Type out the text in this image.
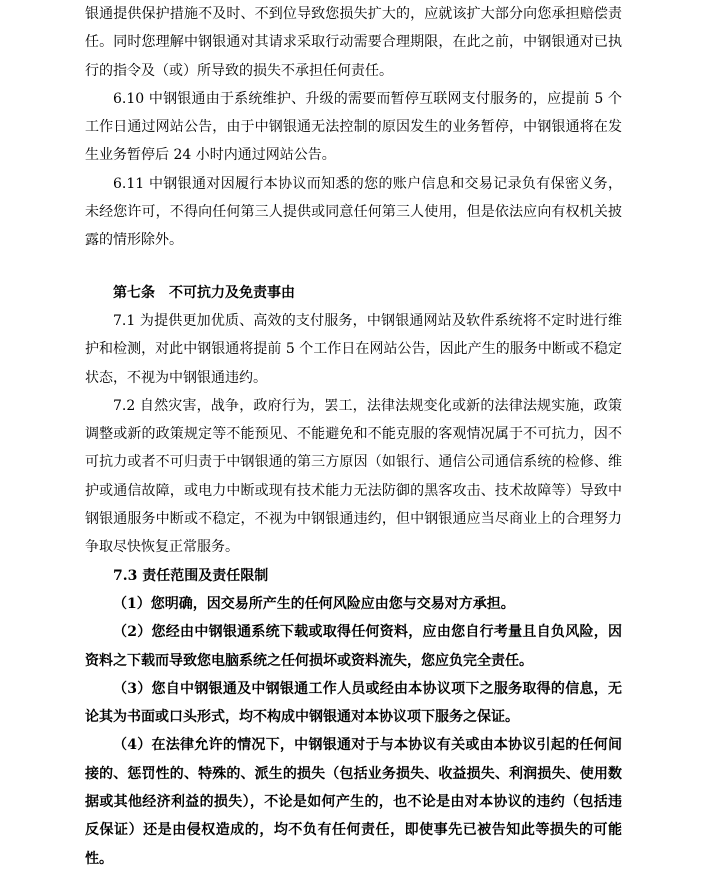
银通提供保护措施不及时、不到位导致您损失扩大的，应就该扩大部分向您承担赔偿责任。同时您理解中钢银通对其请求采取行动需要合理期限，在此之前，中钢银通对已执行的指令及（或）所导致的损失不承担任何责任。

6.10 中钢银通由于系统维护、升级的需要而暂停互联网支付服务的，应提前 5 个工作日通过网站公告，由于中钢银通无法控制的原因发生的业务暂停，中钢银通将在发生业务暂停后 24 小时内通过网站公告。

6.11 中钢银通对因履行本协议而知悉的您的账户信息和交易记录负有保密义务，未经您许可，不得向任何第三人提供或同意任何第三人使用，但是依法应向有权机关披露的情形除外。

第七条　不可抗力及免责事由

7.1 为提供更加优质、高效的支付服务，中钢银通网站及软件系统将不定时进行维护和检测，对此中钢银通将提前 5 个工作日在网站公告，因此产生的服务中断或不稳定状态，不视为中钢银通违约。

7.2 自然灾害，战争，政府行为，罢工，法律法规变化或新的法律法规实施，政策调整或新的政策规定等不能预见、不能避免和不能克服的客观情况属于不可抗力，因不可抗力或者不可归责于中钢银通的第三方原因（如银行、通信公司通信系统的检修、维护或通信故障，或电力中断或现有技术能力无法防御的黑客攻击、技术故障等）导致中钢银通服务中断或不稳定，不视为中钢银通违约，但中钢银通应当尽商业上的合理努力争取尽快恢复正常服务。

7.3 责任范围及责任限制

（1）您明确，因交易所产生的任何风险应由您与交易对方承担。

（2）您经由中钢银通系统下载或取得任何资料，应由您自行考量且自负风险，因资料之下载而导致您电脑系统之任何损坏或资料流失，您应负完全责任。

（3）您自中钢银通及中钢银通工作人员或经由本协议项下之服务取得的信息，无论其为书面或口头形式，均不构成中钢银通对本协议项下服务之保证。

（4）在法律允许的情况下，中钢银通对于与本协议有关或由本协议引起的任何间接的、惩罚性的、特殊的、派生的损失（包括业务损失、收益损失、利润损失、使用数据或其他经济利益的损失），不论是如何产生的，也不论是由对本协议的违约（包括违反保证）还是由侵权造成的，均不负有任何责任，即使事先已被告知此等损失的可能性。
